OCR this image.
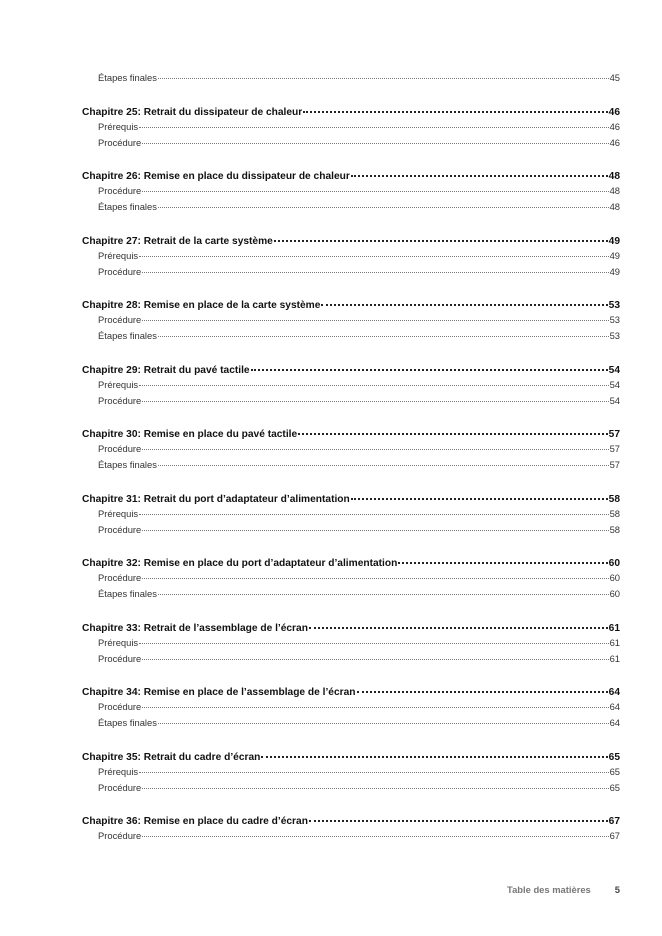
Étapes finales	45
Chapitre 25: Retrait du dissipateur de chaleur	46
Prérequis	46
Procédure	46
Chapitre 26: Remise en place du dissipateur de chaleur	48
Procédure	48
Étapes finales	48
Chapitre 27: Retrait de la carte système	49
Prérequis	49
Procédure	49
Chapitre 28: Remise en place de la carte système	53
Procédure	53
Étapes finales	53
Chapitre 29: Retrait du pavé tactile	54
Prérequis	54
Procédure	54
Chapitre 30: Remise en place du pavé tactile	57
Procédure	57
Étapes finales	57
Chapitre 31: Retrait du port d’adaptateur d’alimentation	58
Prérequis	58
Procédure	58
Chapitre 32: Remise en place du port d’adaptateur d’alimentation	60
Procédure	60
Étapes finales	60
Chapitre 33: Retrait de l’assemblage de l’écran	61
Prérequis	61
Procédure	61
Chapitre 34: Remise en place de l’assemblage de l’écran	64
Procédure	64
Étapes finales	64
Chapitre 35: Retrait du cadre d’écran	65
Prérequis	65
Procédure	65
Chapitre 36: Remise en place du cadre d’écran	67
Procédure	67
Table des matières	5
